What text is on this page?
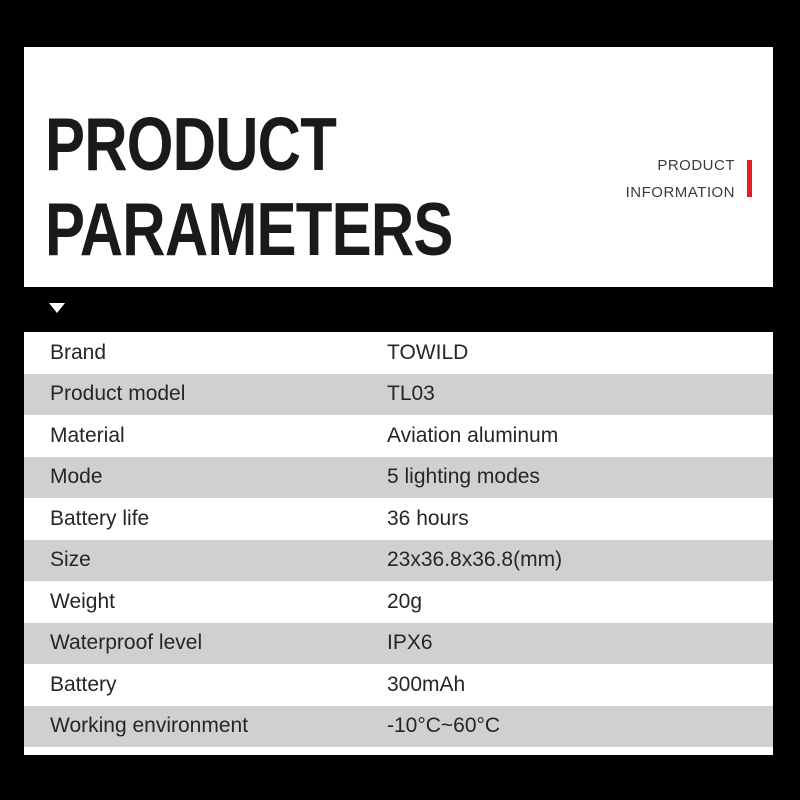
PRODUCT
PARAMETERS
PRODUCT
INFORMATION
Brand	TOWILD
Product model	TL03
Material	Aviation aluminum
Mode	5 lighting modes
Battery life	36 hours
Size	23x36.8x36.8(mm)
Weight	20g
Waterproof level	IPX6
Battery	300mAh
Working environment	-10°C~60°C
